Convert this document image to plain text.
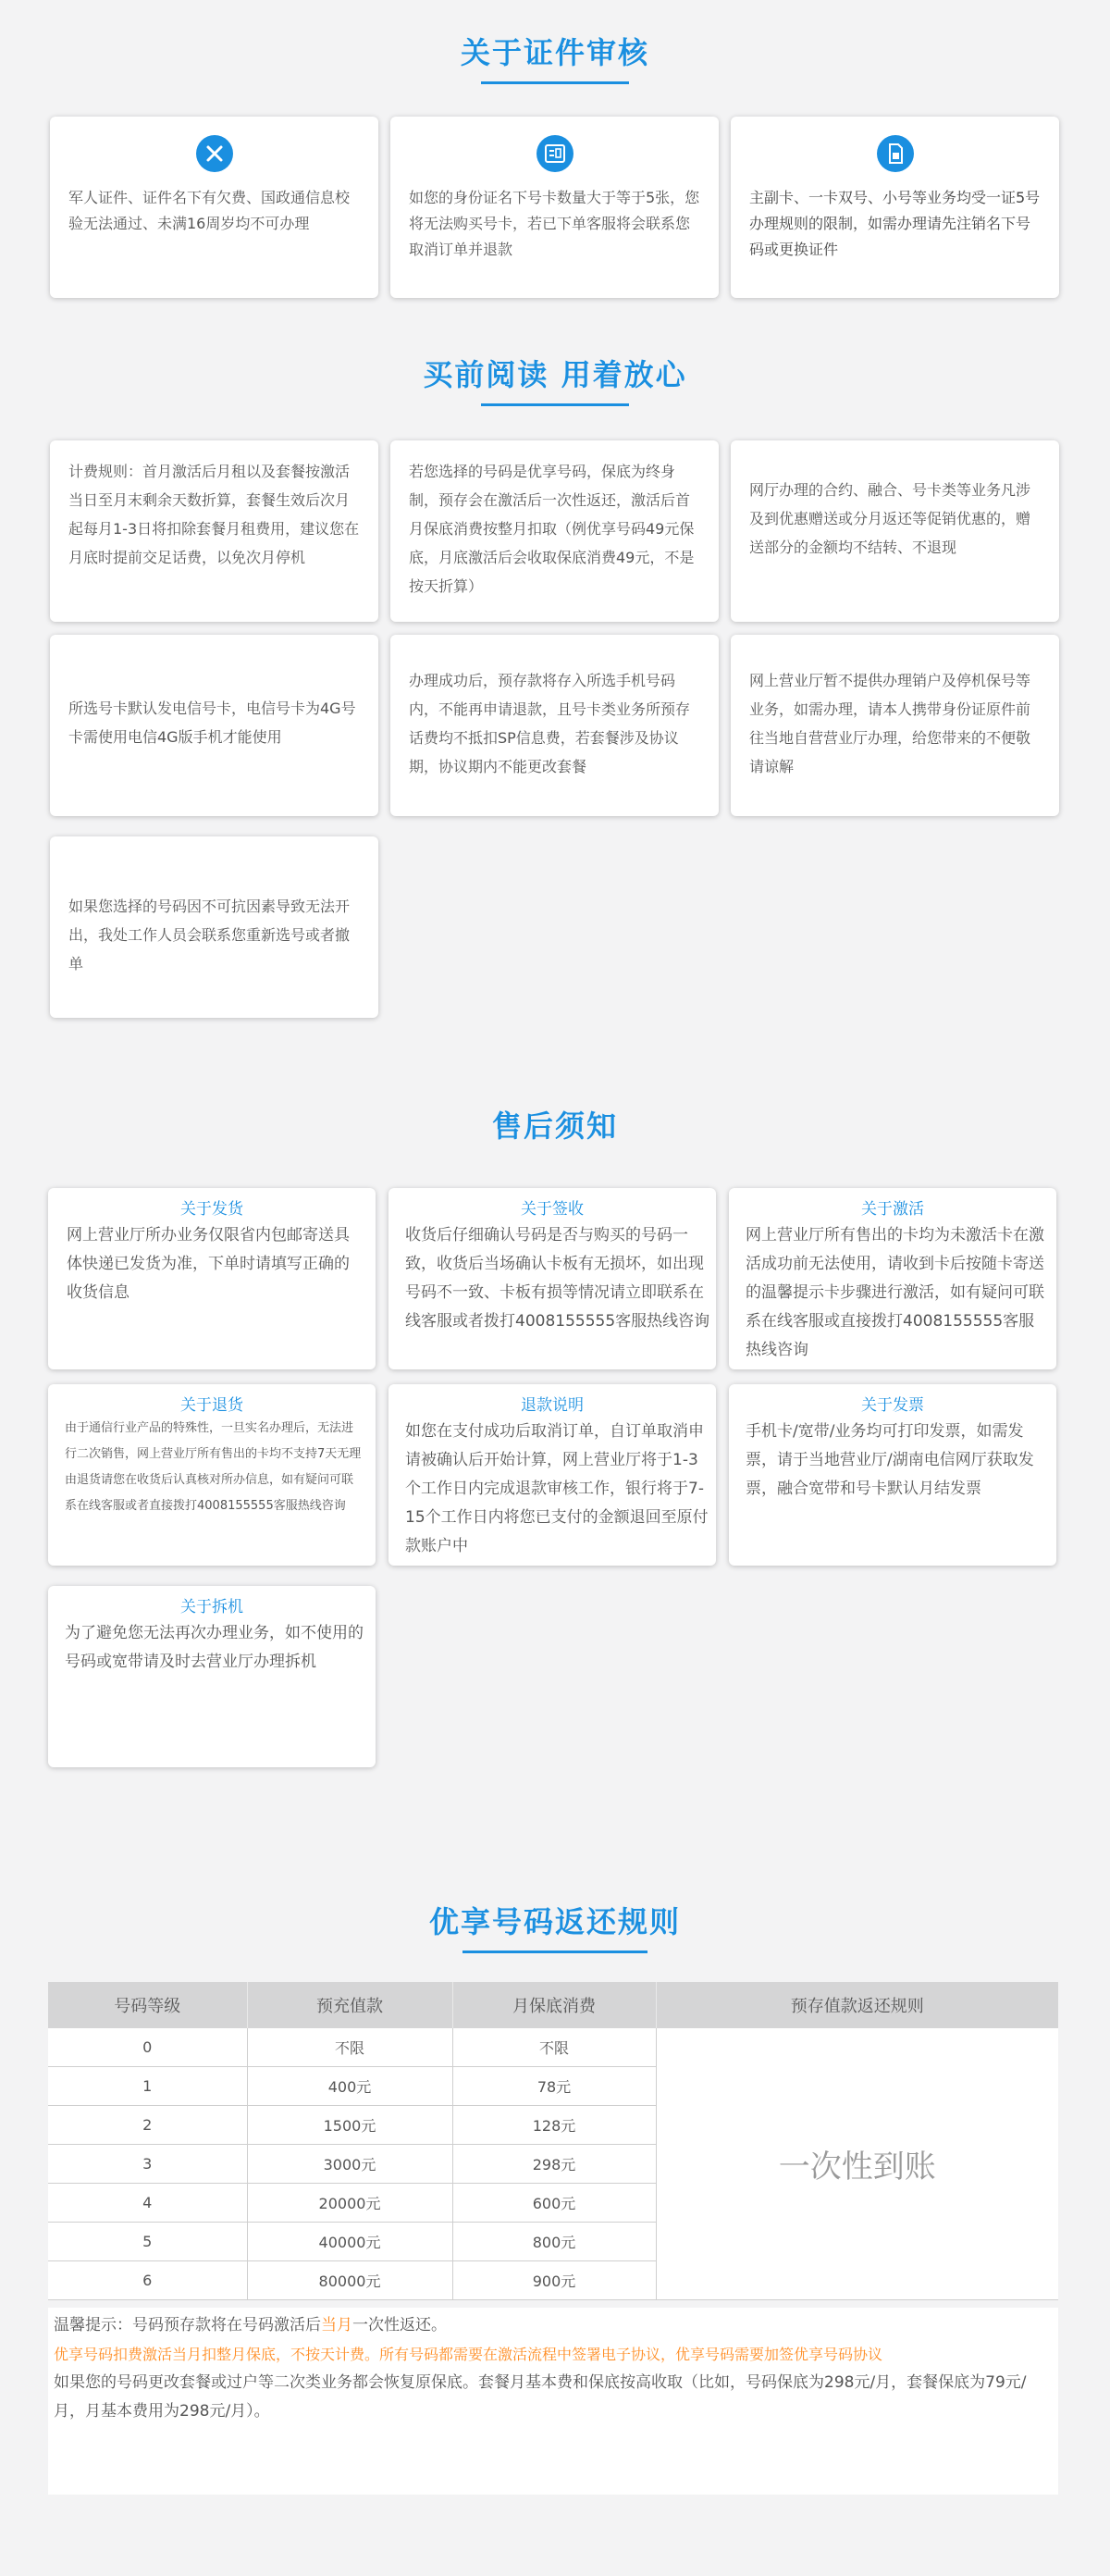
关于证件审核
军人证件、证件名下有欠费、国政通信息校验无法通过、未满16周岁均不可办理
如您的身份证名下号卡数量大于等于5张，您将无法购买号卡，若已下单客服将会联系您取消订单并退款
主副卡、一卡双号、小号等业务均受一证5号办理规则的限制，如需办理请先注销名下号码或更换证件
买前阅读 用着放心
计费规则：首月激活后月租以及套餐按激活当日至月末剩余天数折算，套餐生效后次月起每月1-3日将扣除套餐月租费用，建议您在月底时提前交足话费，以免次月停机
若您选择的号码是优享号码，保底为终身制，预存会在激活后一次性返还，激活后首月保底消费按整月扣取（例优享号码49元保底，月底激活后会收取保底消费49元，不是按天折算）
网厅办理的合约、融合、号卡类等业务凡涉及到优惠赠送或分月返还等促销优惠的，赠送部分的金额均不结转、不退现
所选号卡默认发电信号卡，电信号卡为4G号卡需使用电信4G版手机才能使用
办理成功后，预存款将存入所选手机号码内，不能再申请退款，且号卡类业务所预存话费均不抵扣SP信息费，若套餐涉及协议期，协议期内不能更改套餐
网上营业厅暂不提供办理销户及停机保号等业务，如需办理，请本人携带身份证原件前往当地自营营业厅办理，给您带来的不便敬请谅解
如果您选择的号码因不可抗因素导致无法开出，我处工作人员会联系您重新选号或者撤单
售后须知
关于发货
网上营业厅所办业务仅限省内包邮寄送具体快递已发货为准，下单时请填写正确的收货信息
关于签收
收货后仔细确认号码是否与购买的号码一致，收货后当场确认卡板有无损坏，如出现号码不一致、卡板有损等情况请立即联系在线客服或者拨打4008155555客服热线咨询
关于激活
网上营业厅所有售出的卡均为未激活卡在激活成功前无法使用，请收到卡后按随卡寄送的温馨提示卡步骤进行激活，如有疑问可联系在线客服或直接拨打4008155555客服热线咨询
关于退货
由于通信行业产品的特殊性，一旦实名办理后，无法进行二次销售，网上营业厅所有售出的卡均不支持7天无理由退货请您在收货后认真核对所办信息，如有疑问可联系在线客服或者直接拨打4008155555客服热线咨询
退款说明
如您在支付成功后取消订单，自订单取消申请被确认后开始计算，网上营业厅将于1-3个工作日内完成退款审核工作，银行将于7-15个工作日内将您已支付的金额退回至原付款账户中
关于发票
手机卡/宽带/业务均可打印发票，如需发票，请于当地营业厅/湖南电信网厅获取发票，融合宽带和号卡默认月结发票
关于拆机
为了避免您无法再次办理业务，如不使用的号码或宽带请及时去营业厅办理拆机
优享号码返还规则
号码等级	预充值款	月保底消费	预存值款返还规则
0	不限	不限	一次性到账
1	400元	78元	
2	1500元	128元	
3	3000元	298元	
4	20000元	600元	
5	40000元	800元	
6	80000元	900元	
温馨提示：号码预存款将在号码激活后当月一次性返还。
优享号码扣费激活当月扣整月保底，不按天计费。所有号码都需要在激活流程中签署电子协议，优享号码需要加签优享号码协议
如果您的号码更改套餐或过户等二次类业务都会恢复原保底。套餐月基本费和保底按高收取（比如，号码保底为298元/月，套餐保底为79元/月，月基本费用为298元/月）。
